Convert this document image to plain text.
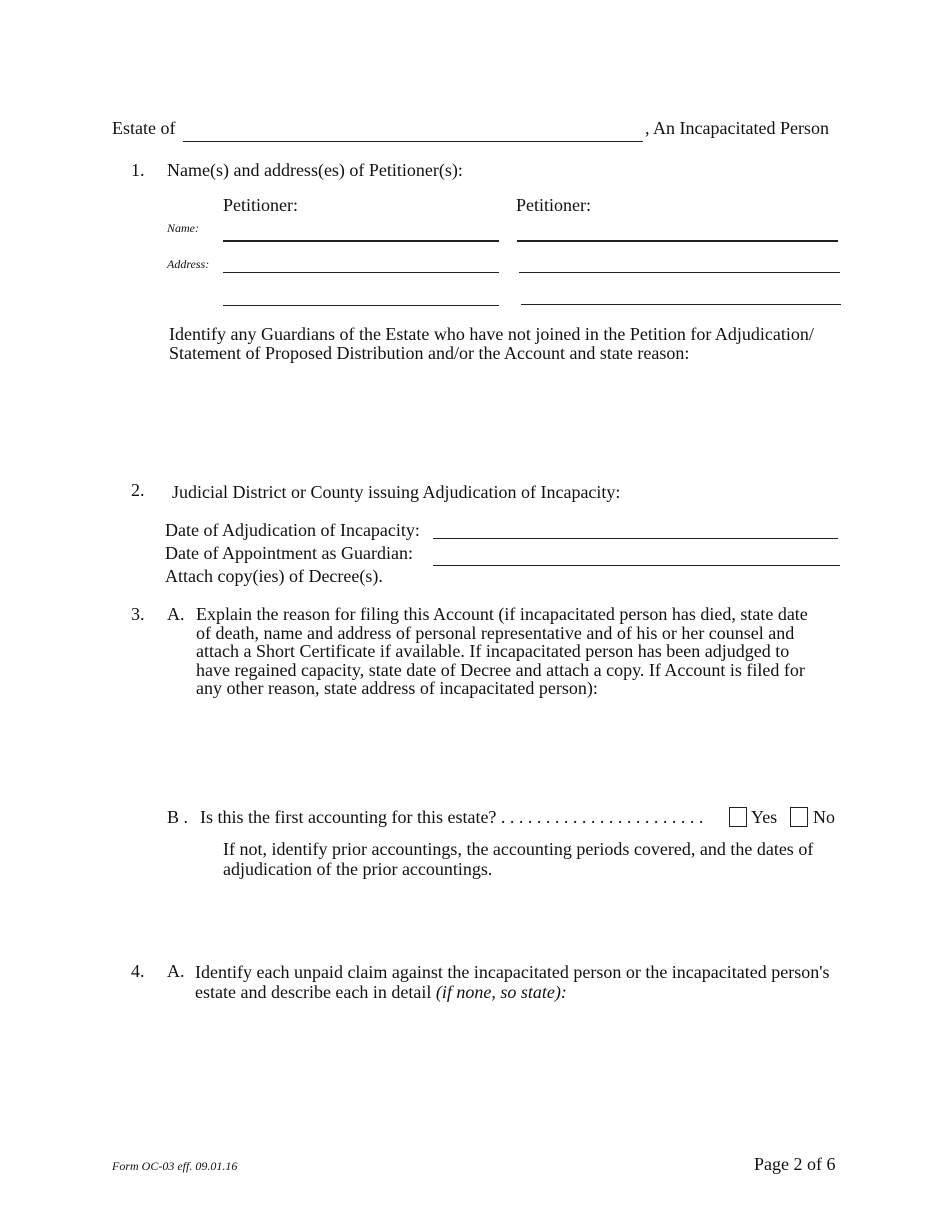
Estate of	, An Incapacitated Person
1. Name(s) and address(es) of Petitioner(s):
Petitioner:	Petitioner:
Name:
Address:
Identify any Guardians of the Estate who have not joined in the Petition for Adjudication/
Statement of Proposed Distribution and/or the Account and state reason:
2. Judicial District or County issuing Adjudication of Incapacity:
Date of Adjudication of Incapacity:
Date of Appointment as Guardian:
Attach copy(ies) of Decree(s).
3. A. Explain the reason for filing this Account (if incapacitated person has died, state date
of death, name and address of personal representative and of his or her counsel and
attach a Short Certificate if available. If incapacitated person has been adjudged to
have regained capacity, state date of Decree and attach a copy. If Account is filed for
any other reason, state address of incapacitated person):
B . Is this the first accounting for this estate? . . . . . . . . . . . . . . . . . . . . . . .	Yes No
If not, identify prior accountings, the accounting periods covered, and the dates of
adjudication of the prior accountings.
4. A. Identify each unpaid claim against the incapacitated person or the incapacitated person's
estate and describe each in detail (if none, so state):
Form OC-03 eff. 09.01.16	Page 2 of 6
